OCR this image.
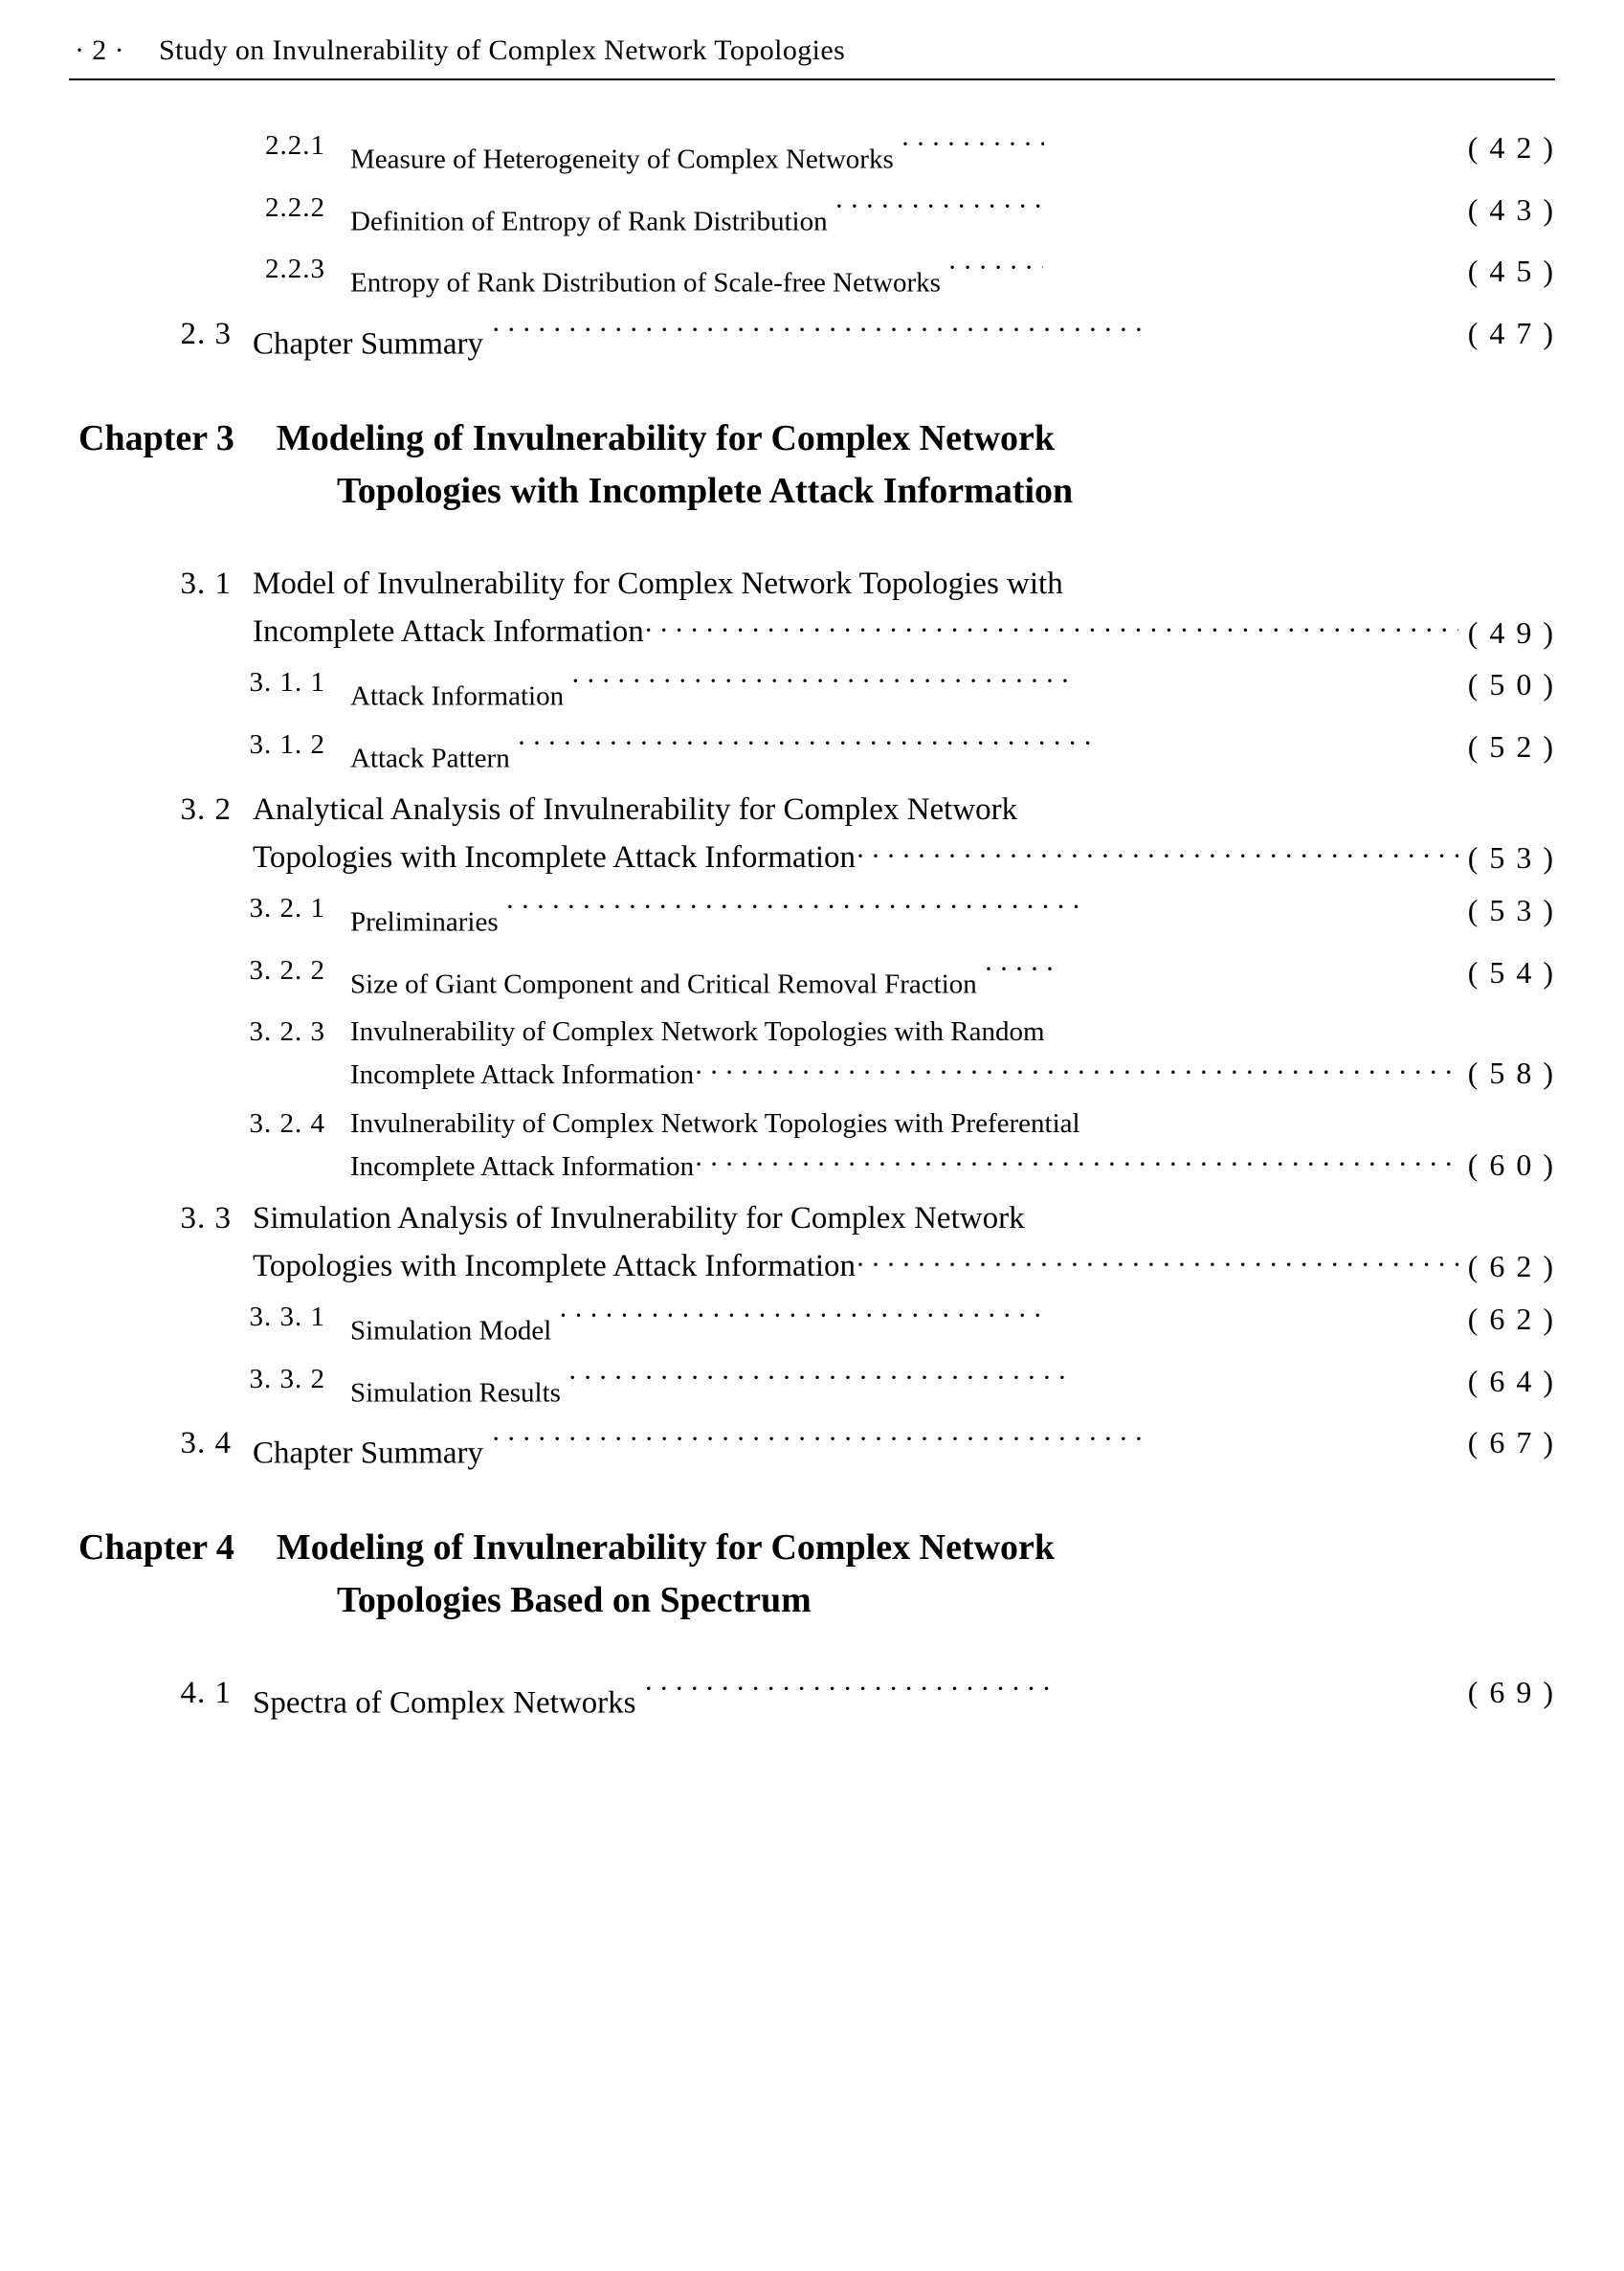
· 2 · Study on Invulnerability of Complex Network Topologies
2.2.1 Measure of Heterogeneity of Complex Networks ·····	( 4 2 )
2.2.2 Definition of Entropy of Rank Distribution ·····	( 4 3 )
2.2.3 Entropy of Rank Distribution of Scale-free Networks ·····	( 4 5 )
2. 3 Chapter Summary ·····	( 4 7 )
Chapter 3 Modeling of Invulnerability for Complex Network
Topologies with Incomplete Attack Information
3. 1 Model of Invulnerability for Complex Network Topologies with
Incomplete Attack Information ·····	( 4 9 )
3. 1. 1 Attack Information ·····	( 5 0 )
3. 1. 2 Attack Pattern ·····	( 5 2 )
3. 2 Analytical Analysis of Invulnerability for Complex Network
Topologies with Incomplete Attack Information ·····	( 5 3 )
3. 2. 1 Preliminaries ·····	( 5 3 )
3. 2. 2 Size of Giant Component and Critical Removal Fraction ·····	( 5 4 )
3. 2. 3 Invulnerability of Complex Network Topologies with Random
Incomplete Attack Information ·····	( 5 8 )
3. 2. 4 Invulnerability of Complex Network Topologies with Preferential
Incomplete Attack Information ·····	( 6 0 )
3. 3 Simulation Analysis of Invulnerability for Complex Network
Topologies with Incomplete Attack Information ·····	( 6 2 )
3. 3. 1 Simulation Model ·····	( 6 2 )
3. 3. 2 Simulation Results ·····	( 6 4 )
3. 4 Chapter Summary ·····	( 6 7 )
Chapter 4 Modeling of Invulnerability for Complex Network
Topologies Based on Spectrum
4. 1 Spectra of Complex Networks ·····	( 6 9 )
